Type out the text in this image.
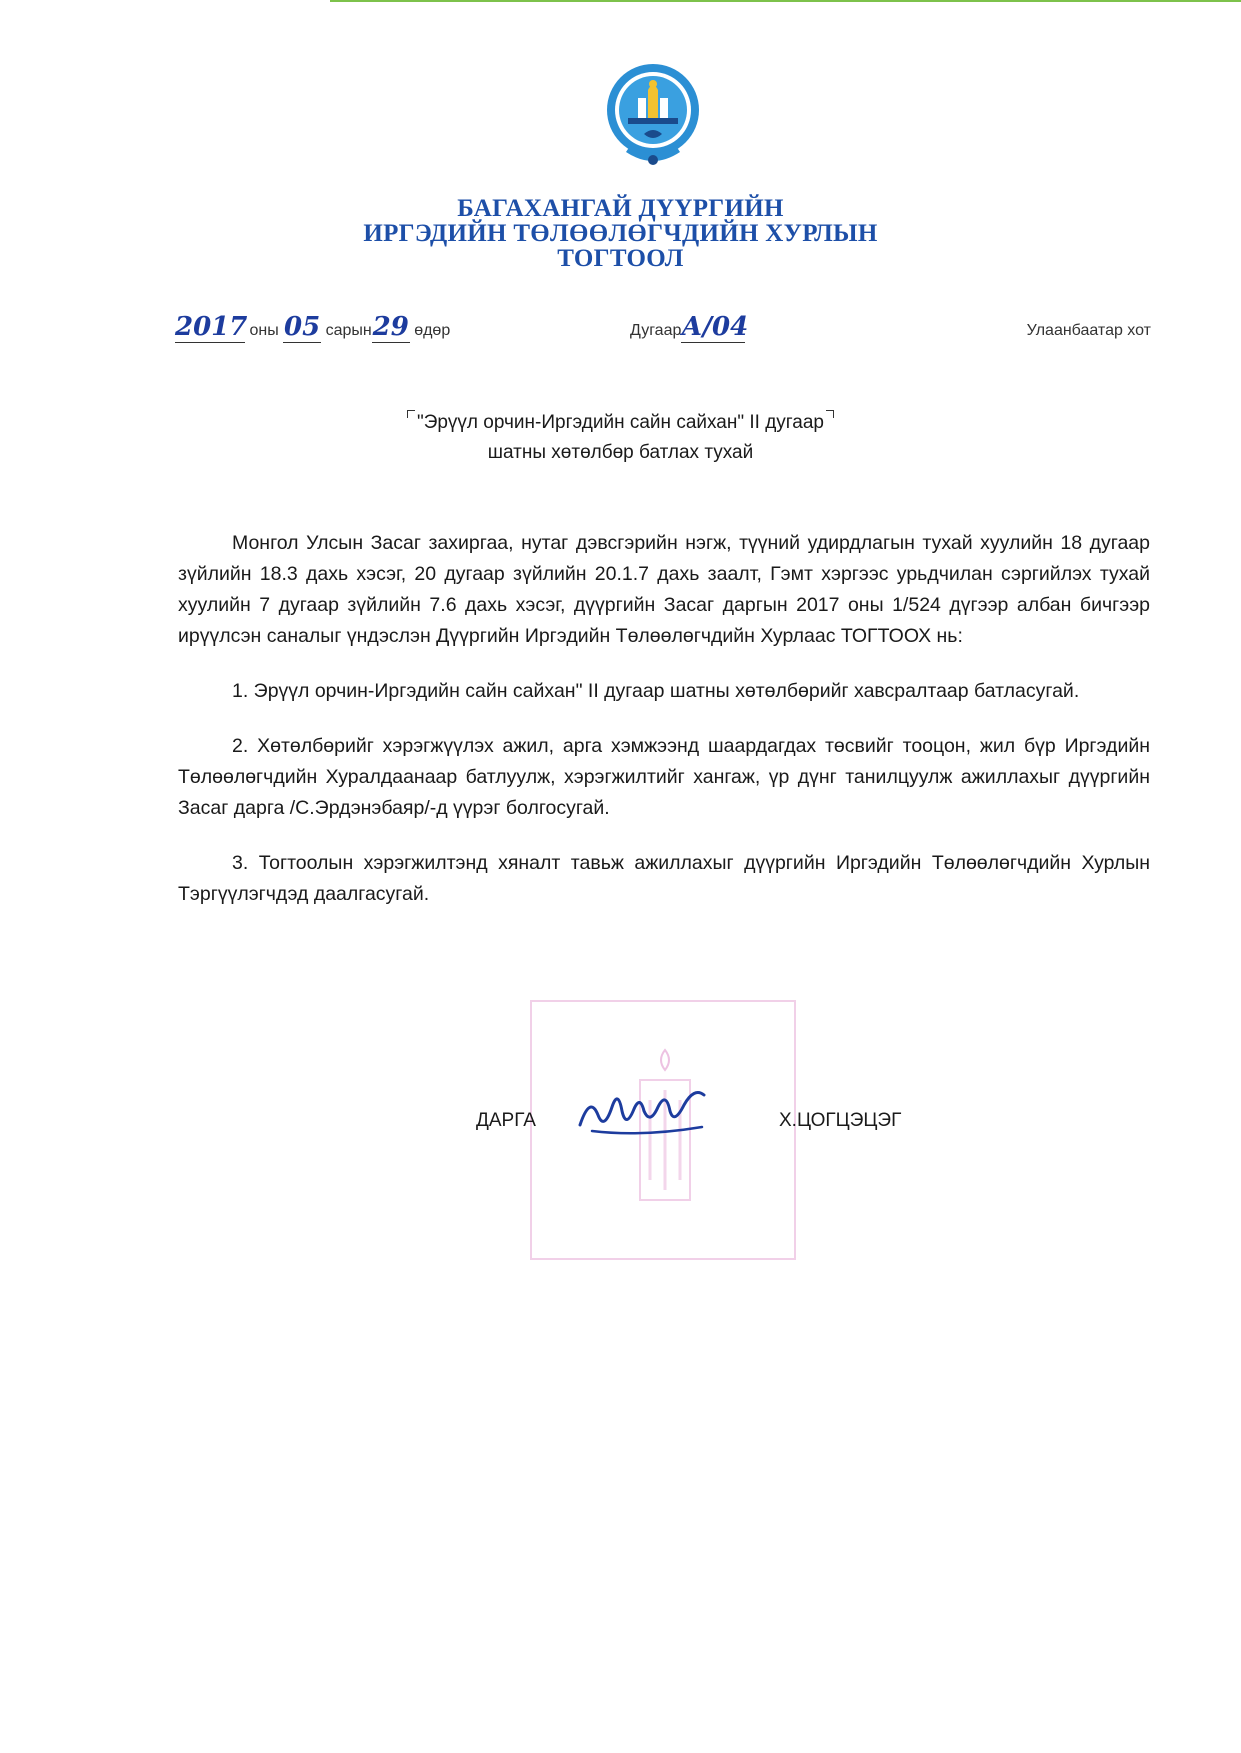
БАГАХАНГАЙ ДҮҮРГИЙН
ИРГЭДИЙН ТӨЛӨӨЛӨГЧДИЙН ХУРЛЫН
ТОГТООЛ
2017 оны 05 сарын29 өдөр	ДугаарА/04	Улаанбаатар хот
"Эрүүл орчин-Иргэдийн сайн сайхан" II дугаар
шатны хөтөлбөр батлах тухай

Монгол Улсын Засаг захиргаа, нутаг дэвсгэрийн нэгж, түүний удирдлагын тухай хуулийн 18 дугаар зүйлийн 18.3 дахь хэсэг, 20 дугаар зүйлийн 20.1.7 дахь заалт, Гэмт хэргээс урьдчилан сэргийлэх тухай хуулийн 7 дугаар зүйлийн 7.6 дахь хэсэг, дүүргийн Засаг даргын 2017 оны 1/524 дүгээр албан бичгээр ирүүлсэн саналыг үндэслэн Дүүргийн Иргэдийн Төлөөлөгчдийн Хурлаас ТОГТООХ нь:

1. Эрүүл орчин-Иргэдийн сайн сайхан" II дугаар шатны хөтөлбөрийг хавсралтаар батласугай.

2. Хөтөлбөрийг хэрэгжүүлэх ажил, арга хэмжээнд шаардагдах төсвийг тооцон, жил бүр Иргэдийн Төлөөлөгчдийн Хуралдаанаар батлуулж, хэрэгжилтийг хангаж, үр дүнг танилцуулж ажиллахыг дүүргийн Засаг дарга /С.Эрдэнэбаяр/-д үүрэг болгосугай.

3. Тогтоолын хэрэгжилтэнд хяналт тавьж ажиллахыг дүүргийн Иргэдийн Төлөөлөгчдийн Хурлын Тэргүүлэгчдэд даалгасугай.

ДАРГА	Х.ЦОГЦЭЦЭГ
